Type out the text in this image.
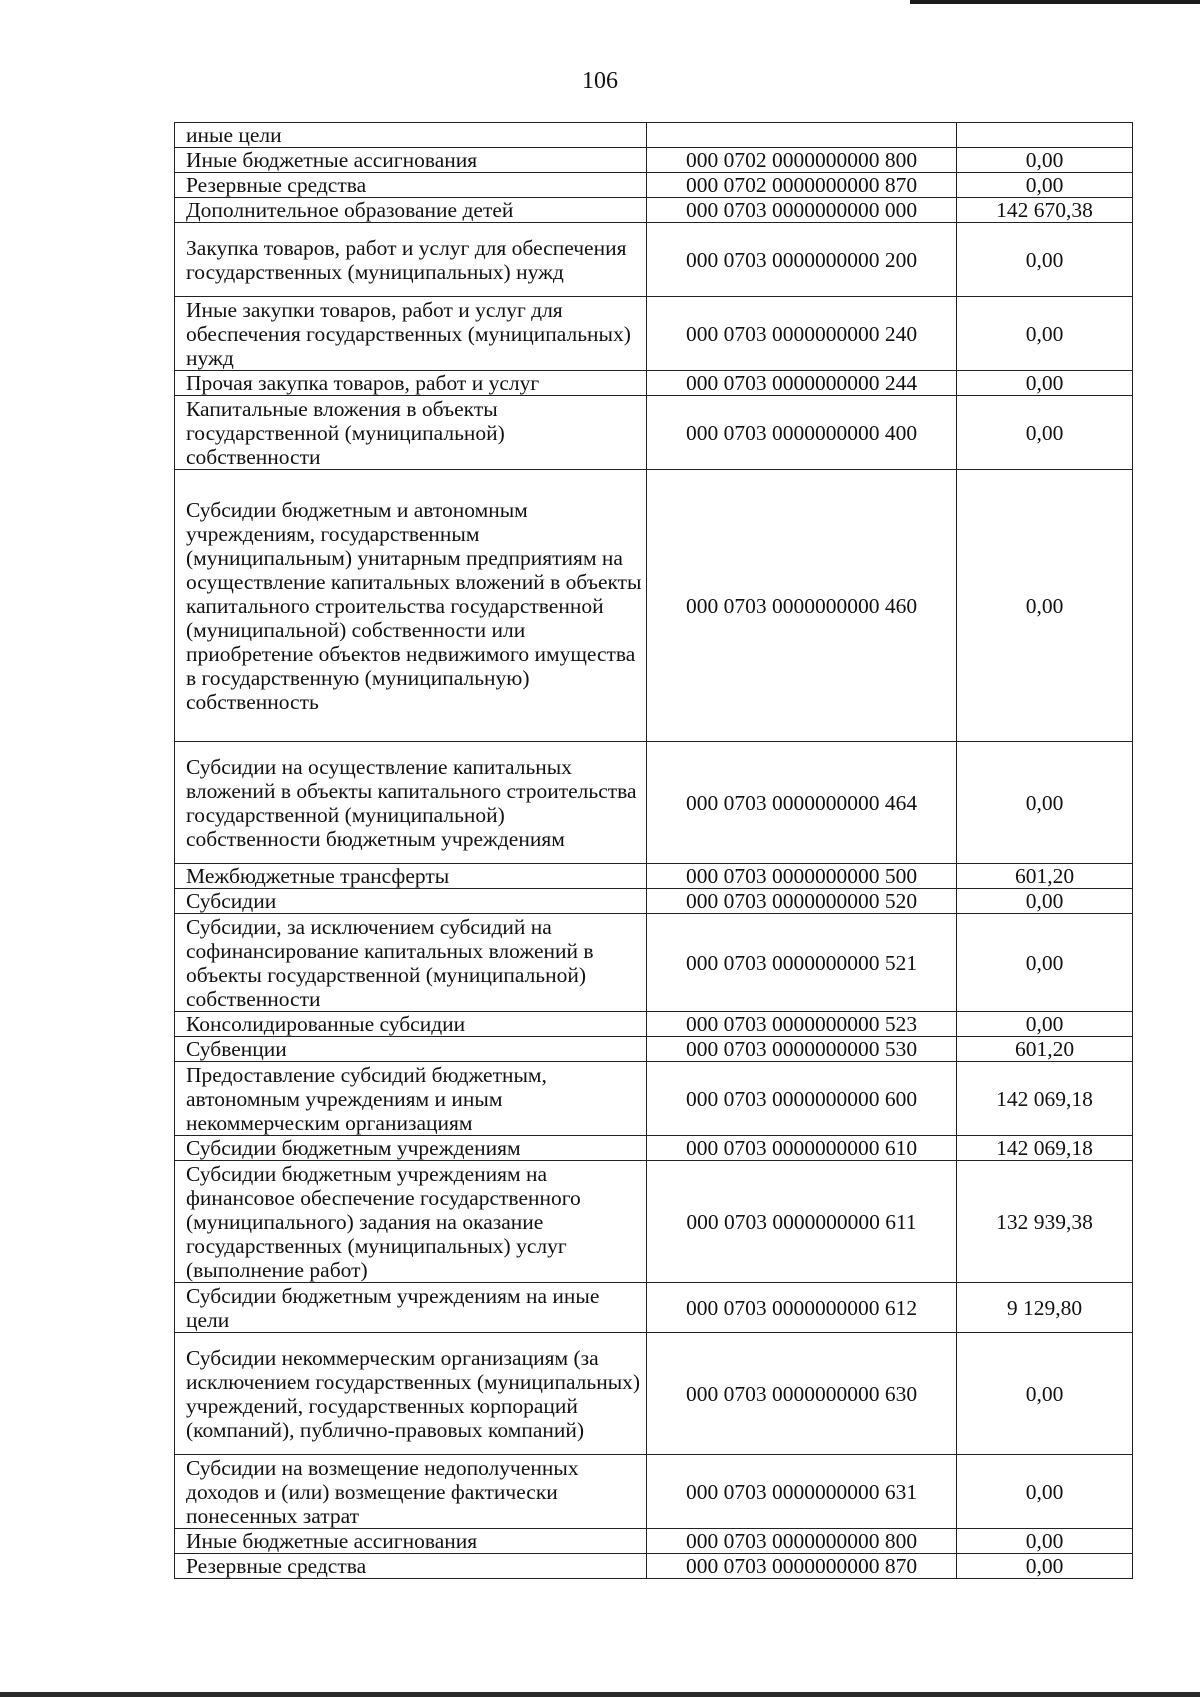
106
иные цели		
Иные бюджетные ассигнования	000 0702 0000000000 800	0,00
Резервные средства	000 0702 0000000000 870	0,00
Дополнительное образование детей	000 0703 0000000000 000	142 670,38
Закупка товаров, работ и услуг для обеспечения государственных (муниципальных) нужд	000 0703 0000000000 200	0,00
Иные закупки товаров, работ и услуг для обеспечения государственных (муниципальных) нужд	000 0703 0000000000 240	0,00
Прочая закупка товаров, работ и услуг	000 0703 0000000000 244	0,00
Капитальные вложения в объекты государственной (муниципальной) собственности	000 0703 0000000000 400	0,00
Субсидии бюджетным и автономным учреждениям, государственным (муниципальным) унитарным предприятиям на осуществление капитальных вложений в объекты капитального строительства государственной (муниципальной) собственности или приобретение объектов недвижимого имущества в государственную (муниципальную) собственность	000 0703 0000000000 460	0,00
Субсидии на осуществление капитальных вложений в объекты капитального строительства государственной (муниципальной) собственности бюджетным учреждениям	000 0703 0000000000 464	0,00
Межбюджетные трансферты	000 0703 0000000000 500	601,20
Субсидии	000 0703 0000000000 520	0,00
Субсидии, за исключением субсидий на софинансирование капитальных вложений в объекты государственной (муниципальной) собственности	000 0703 0000000000 521	0,00
Консолидированные субсидии	000 0703 0000000000 523	0,00
Субвенции	000 0703 0000000000 530	601,20
Предоставление субсидий бюджетным, автономным учреждениям и иным некоммерческим организациям	000 0703 0000000000 600	142 069,18
Субсидии бюджетным учреждениям	000 0703 0000000000 610	142 069,18
Субсидии бюджетным учреждениям на финансовое обеспечение государственного (муниципального) задания на оказание государственных (муниципальных) услуг (выполнение работ)	000 0703 0000000000 611	132 939,38
Субсидии бюджетным учреждениям на иные цели	000 0703 0000000000 612	9 129,80
Субсидии некоммерческим организациям (за исключением государственных (муниципальных) учреждений, государственных корпораций (компаний), публично-правовых компаний)	000 0703 0000000000 630	0,00
Субсидии на возмещение недополученных доходов и (или) возмещение фактически понесенных затрат	000 0703 0000000000 631	0,00
Иные бюджетные ассигнования	000 0703 0000000000 800	0,00
Резервные средства	000 0703 0000000000 870	0,00
